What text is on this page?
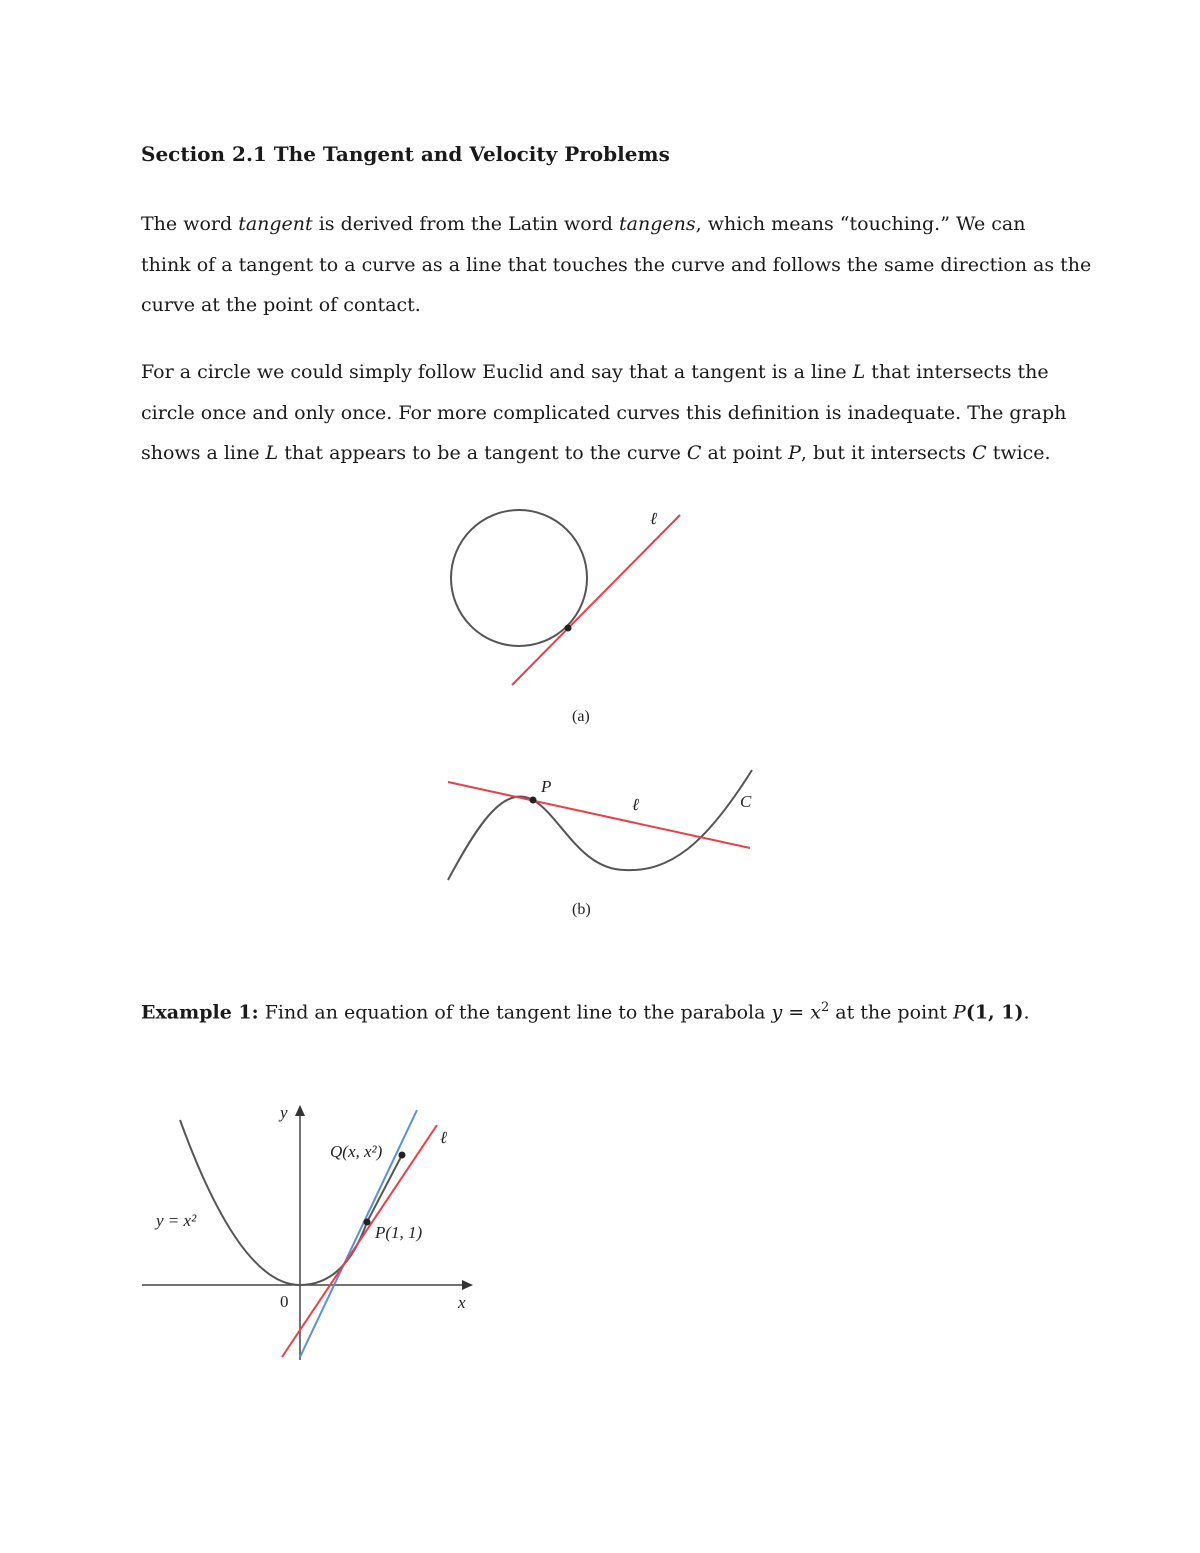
Section 2.1 The Tangent and Velocity Problems

The word tangent is derived from the Latin word tangens, which means “touching.” We can
think of a tangent to a curve as a line that touches the curve and follows the same direction as the
curve at the point of contact.

For a circle we could simply follow Euclid and say that a tangent is a line L that intersects the
circle once and only once. For more complicated curves this definition is inadequate. The graph
shows a line L that appears to be a tangent to the curve C at point P, but it intersects C twice.

ℓ
(a)
P
ℓ	C
(b)
Example 1: Find an equation of the tangent line to the parabola $y = x^2$ at the point P(1, 1).
y
x
0
y = x²
Q(x, x²)
P(1, 1)
ℓ
